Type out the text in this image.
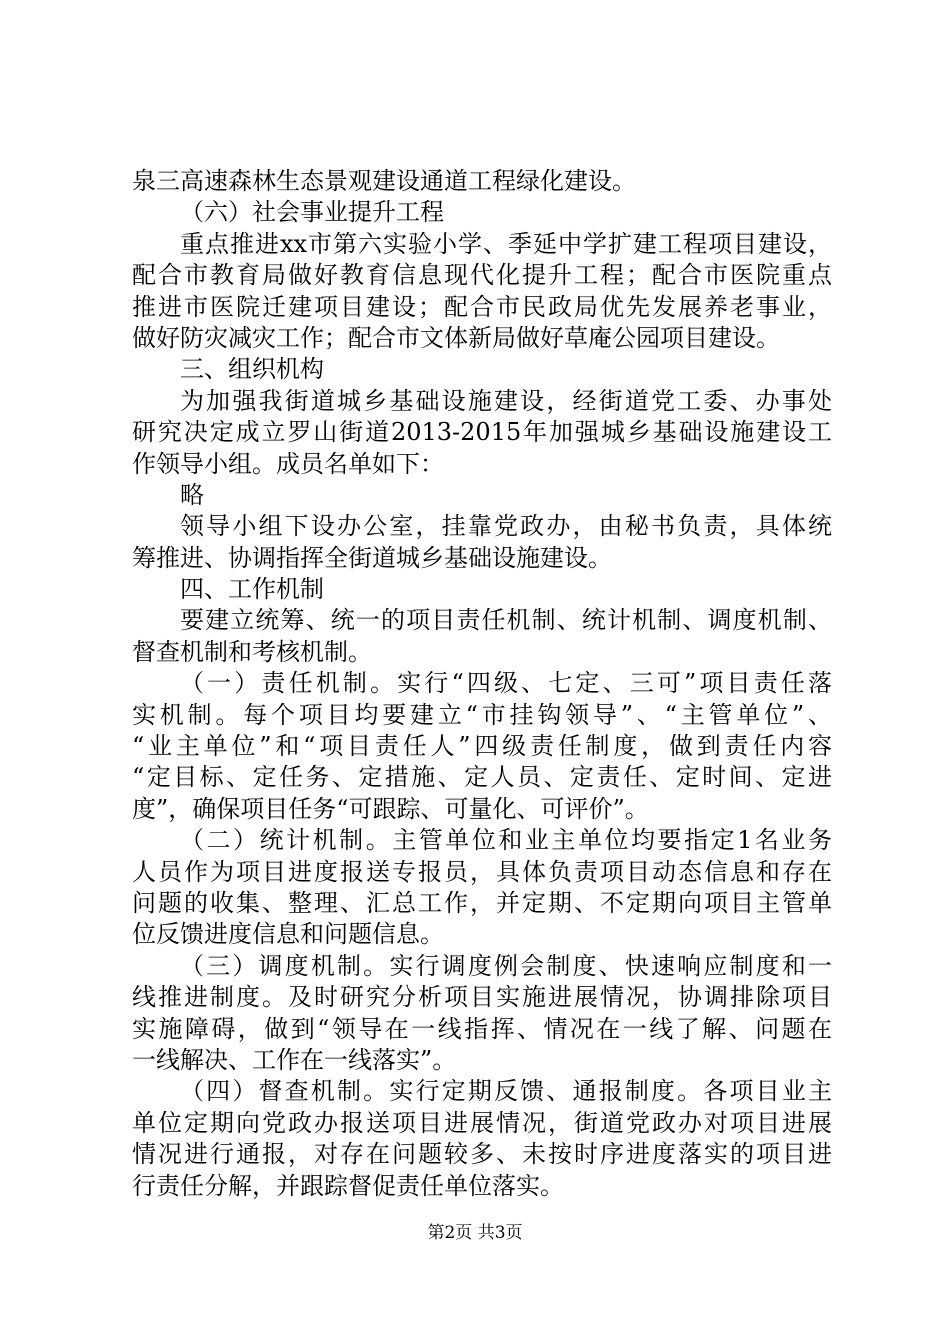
泉三高速森林生态景观建设通道工程绿化建设。
（六）社会事业提升工程
重点推进xx市第六实验小学、季延中学扩建工程项目建设，
配合市教育局做好教育信息现代化提升工程；配合市医院重点
推进市医院迁建项目建设；配合市民政局优先发展养老事业，
做好防灾减灾工作；配合市文体新局做好草庵公园项目建设。
三、组织机构
为加强我街道城乡基础设施建设，经街道党工委、办事处
研究决定成立罗山街道2013-2015年加强城乡基础设施建设工
作领导小组。成员名单如下：
略
领导小组下设办公室，挂靠党政办，由秘书负责，具体统
筹推进、协调指挥全街道城乡基础设施建设。
四、工作机制
要建立统筹、统一的项目责任机制、统计机制、调度机制、
督查机制和考核机制。
（一）责任机制。实行“四级、七定、三可”项目责任落
实机制。每个项目均要建立“市挂钩领导”、“主管单位”、
“业主单位”和“项目责任人”四级责任制度，做到责任内容
“定目标、定任务、定措施、定人员、定责任、定时间、定进
度”，确保项目任务“可跟踪、可量化、可评价”。
（二）统计机制。主管单位和业主单位均要指定1名业务
人员作为项目进度报送专报员，具体负责项目动态信息和存在
问题的收集、整理、汇总工作，并定期、不定期向项目主管单
位反馈进度信息和问题信息。
（三）调度机制。实行调度例会制度、快速响应制度和一
线推进制度。及时研究分析项目实施进展情况，协调排除项目
实施障碍，做到“领导在一线指挥、情况在一线了解、问题在
一线解决、工作在一线落实”。
（四）督查机制。实行定期反馈、通报制度。各项目业主
单位定期向党政办报送项目进展情况，街道党政办对项目进展
情况进行通报，对存在问题较多、未按时序进度落实的项目进
行责任分解，并跟踪督促责任单位落实。
第2页 共3页
